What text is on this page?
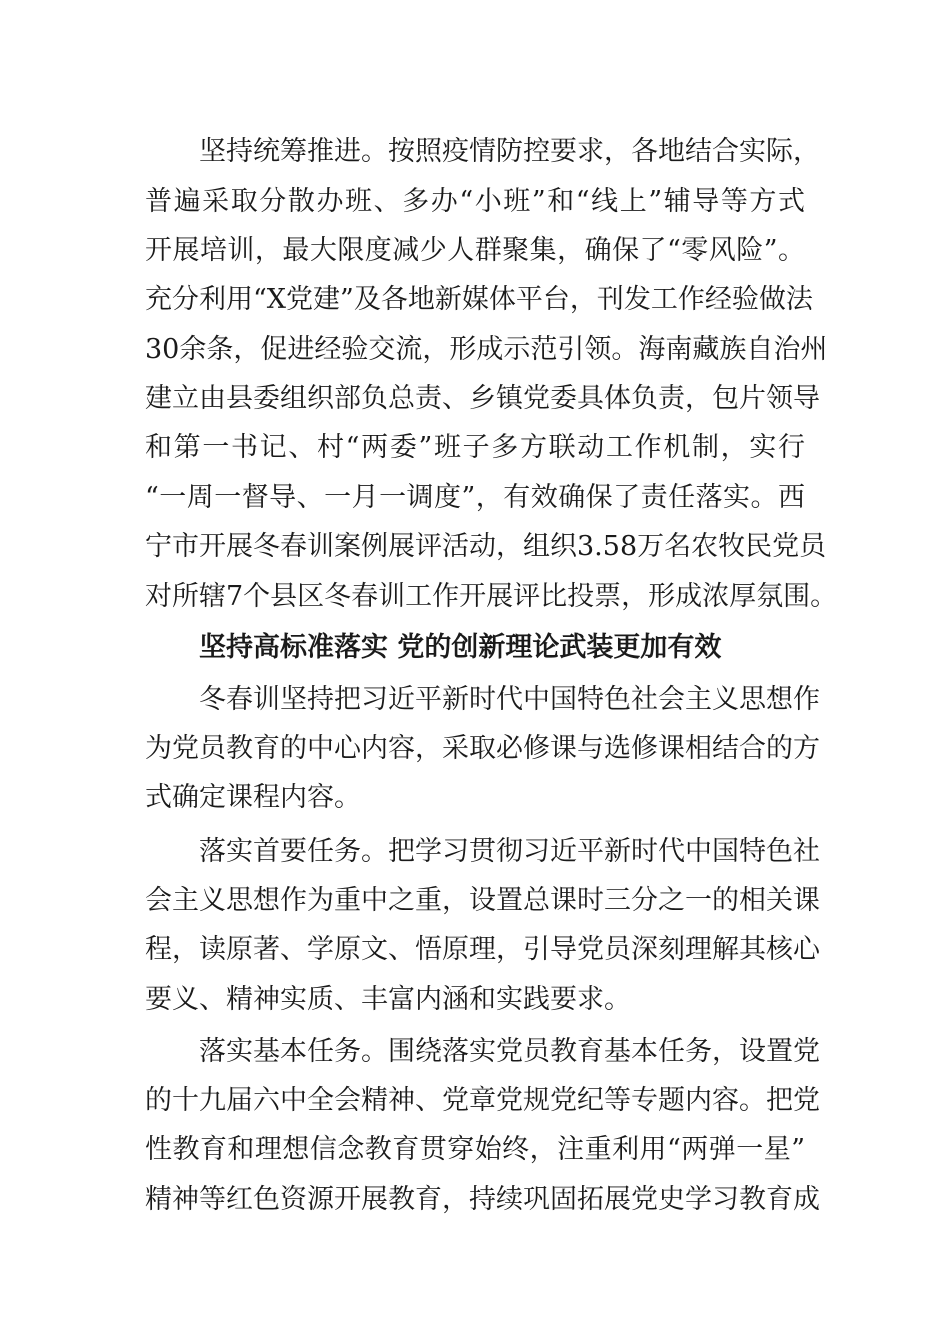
坚持统筹推进。按照疫情防控要求，各地结合实际，
普遍采取分散办班、多办“小班”和“线上”辅导等方式
开展培训，最大限度减少人群聚集，确保了“零风险”。
充分利用“X党建”及各地新媒体平台，刊发工作经验做法
30余条，促进经验交流，形成示范引领。海南藏族自治州
建立由县委组织部负总责、乡镇党委具体负责，包片领导
和第一书记、村“两委”班子多方联动工作机制，实行
“一周一督导、一月一调度”，有效确保了责任落实。西
宁市开展冬春训案例展评活动，组织3.58万名农牧民党员
对所辖7个县区冬春训工作开展评比投票，形成浓厚氛围。
坚持高标准落实 党的创新理论武装更加有效
冬春训坚持把习近平新时代中国特色社会主义思想作
为党员教育的中心内容，采取必修课与选修课相结合的方
式确定课程内容。
落实首要任务。把学习贯彻习近平新时代中国特色社
会主义思想作为重中之重，设置总课时三分之一的相关课
程，读原著、学原文、悟原理，引导党员深刻理解其核心
要义、精神实质、丰富内涵和实践要求。
落实基本任务。围绕落实党员教育基本任务，设置党
的十九届六中全会精神、党章党规党纪等专题内容。把党
性教育和理想信念教育贯穿始终，注重利用“两弹一星”
精神等红色资源开展教育，持续巩固拓展党史学习教育成
